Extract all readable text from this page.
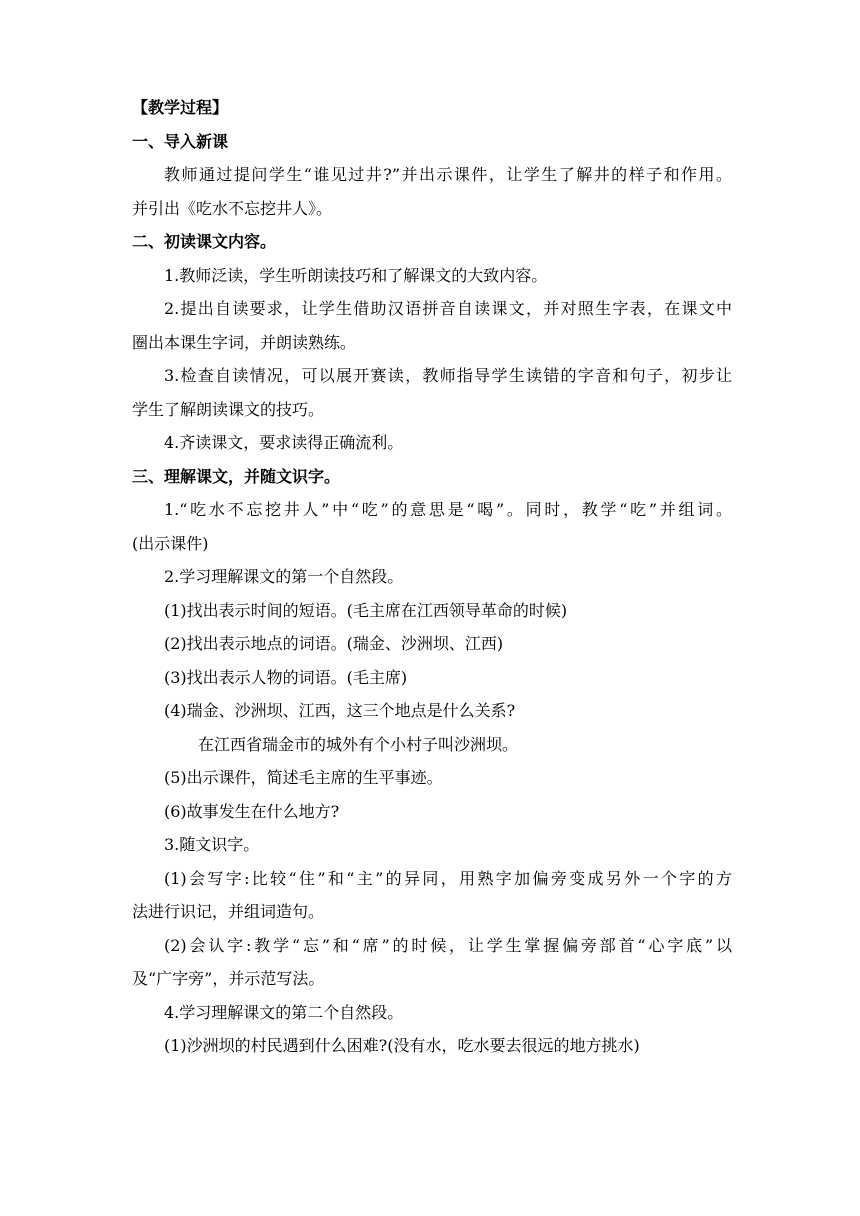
【教学过程】
一、导入新课
教师通过提问学生“谁见过井?”并出示课件，让学生了解井的样子和作用。
并引出《吃水不忘挖井人》。
二、初读课文内容。
1.教师泛读，学生听朗读技巧和了解课文的大致内容。
2.提出自读要求，让学生借助汉语拼音自读课文，并对照生字表，在课文中
圈出本课生字词，并朗读熟练。
3.检查自读情况，可以展开赛读，教师指导学生读错的字音和句子，初步让
学生了解朗读课文的技巧。
4.齐读课文，要求读得正确流利。
三、理解课文，并随文识字。
1.“吃水不忘挖井人”中“吃”的意思是“喝”。同时，教学“吃”并组词。
(出示课件)
2.学习理解课文的第一个自然段。
(1)找出表示时间的短语。(毛主席在江西领导革命的时候)
(2)找出表示地点的词语。(瑞金、沙洲坝、江西)
(3)找出表示人物的词语。(毛主席)
(4)瑞金、沙洲坝、江西，这三个地点是什么关系?
在江西省瑞金市的城外有个小村子叫沙洲坝。
(5)出示课件，简述毛主席的生平事迹。
(6)故事发生在什么地方?
3.随文识字。
(1)会写字:比较“住”和“主”的异同，用熟字加偏旁变成另外一个字的方
法进行识记，并组词造句。
(2)会认字:教学“忘”和“席”的时候，让学生掌握偏旁部首“心字底”以
及“广字旁”，并示范写法。
4.学习理解课文的第二个自然段。
(1)沙洲坝的村民遇到什么困难?(没有水，吃水要去很远的地方挑水)
